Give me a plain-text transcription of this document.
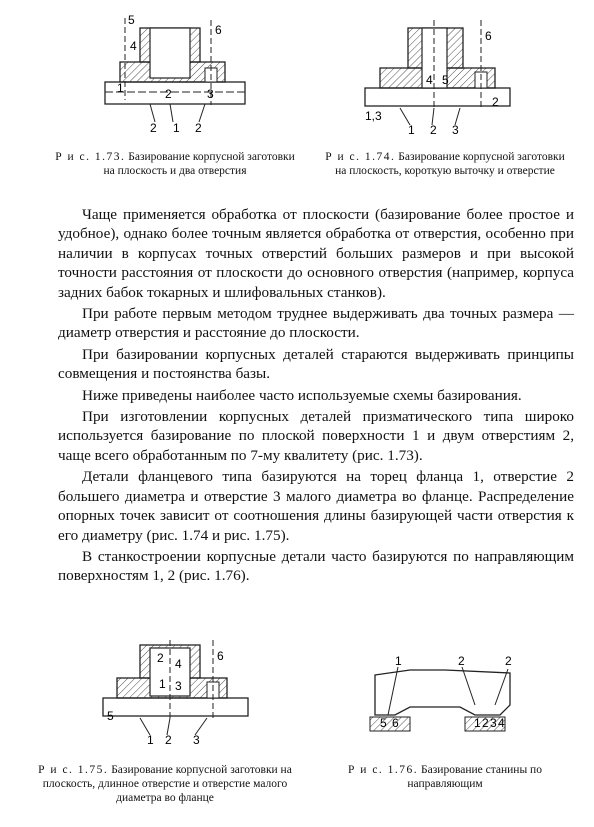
5
4
6
1	2	3
2 1 2
Р и с. 1.73. Базирование корпусной заготовки на плоскость и два отверстия
6
4 5
1,3
2
1 2 3
Р и с. 1.74. Базирование корпусной заготовки на плоскость, короткую выточку и отверстие

Чаще применяется обработка от плоскости (базирование более простое и удобное), однако более точным является обработка от отверстия, особенно при наличии в корпусах точных отверстий больших размеров и при высокой точности расстояния от плоскости до основного отверстия (например, корпуса задних бабок токарных и шлифовальных станков).

При работе первым методом труднее выдерживать два точных размера — диаметр отверстия и расстояние до плоскости.

При базировании корпусных деталей стараются выдерживать принципы совмещения и постоянства базы.

Ниже приведены наиболее часто используемые схемы базирования.

При изготовлении корпусных деталей призматического типа широко используется базирование по плоской поверхности 1 и двум отверстиям 2, чаще всего обработанным по 7-му квалитету (рис. 1.73).

Детали фланцевого типа базируются на торец фланца 1, отверстие 2 большего диаметра и отверстие 3 малого диаметра во фланце. Распределение опорных точек зависит от соотношения длины базирующей части отверстия к его диаметру (рис. 1.74 и рис. 1.75).

В станкостроении корпусные детали часто базируются по направляющим поверхностям 1, 2 (рис. 1.76).

2 4
1 3
6
5
1 2 3
Р и с. 1.75. Базирование корпусной заготовки на плоскость, длинное отверстие и отверстие малого диаметра во фланце
1	2	2
5 6	1 2 3 4
Р и с. 1.76. Базирование станины по направляющим
